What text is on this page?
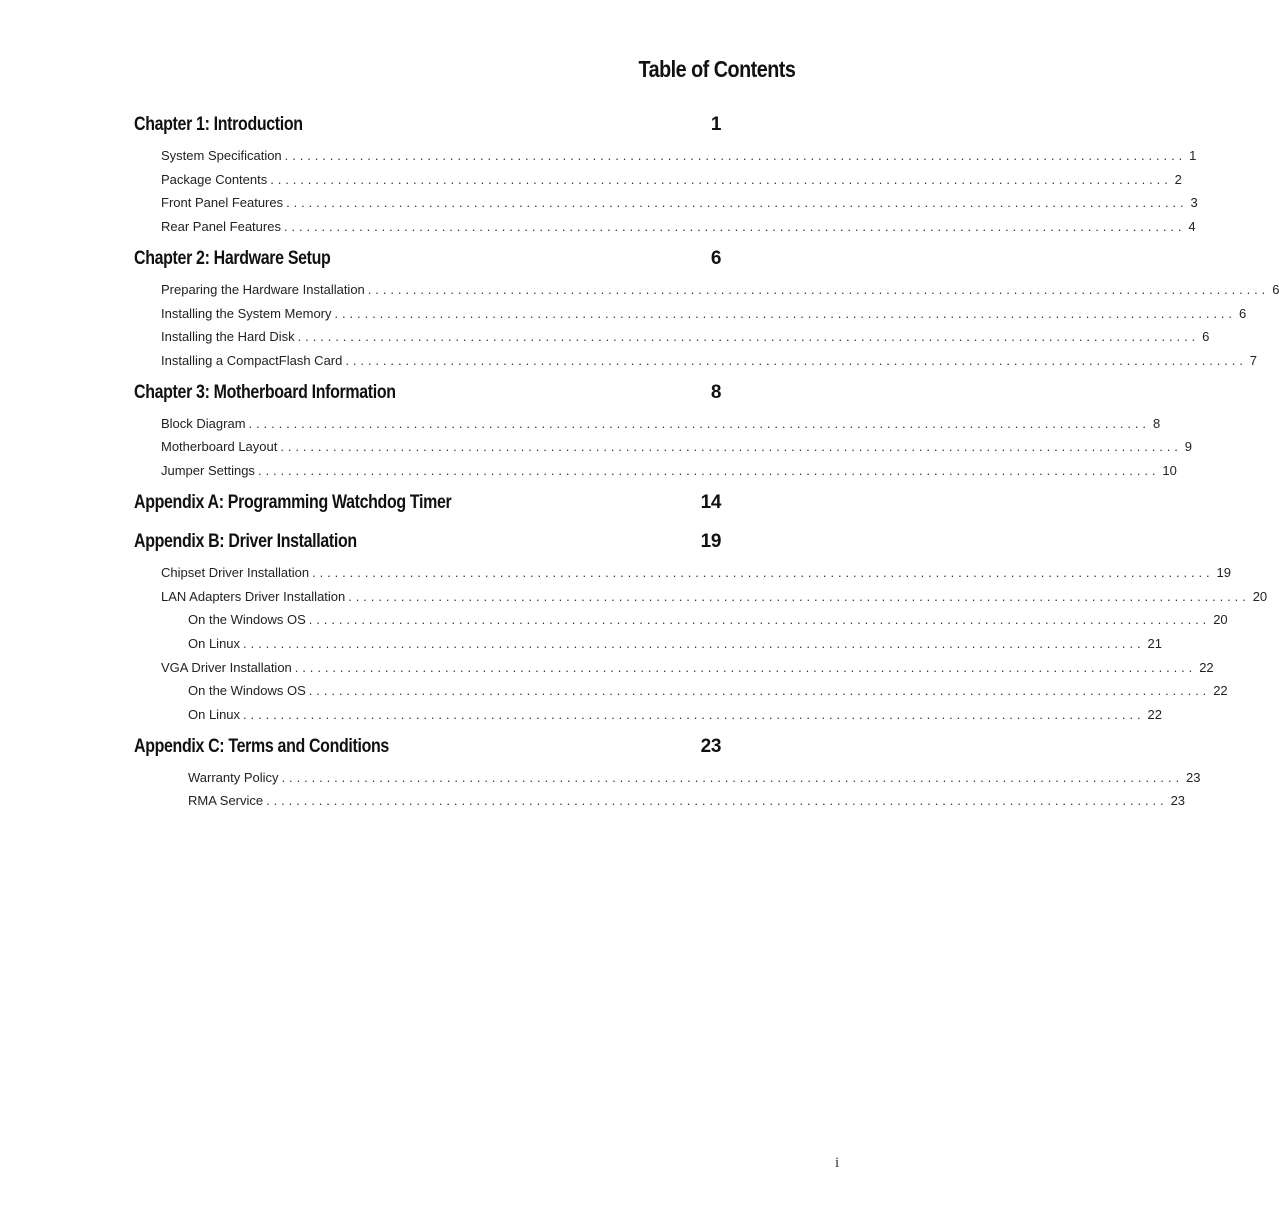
Table of Contents
Chapter 1: Introduction	1
System Specification ........................................................................................................................ 1
Package Contents ........................................................................................................................ 2
Front Panel Features ........................................................................................................................ 3
Rear Panel Features ........................................................................................................................ 4
Chapter 2: Hardware Setup	6
Preparing the Hardware Installation ........................................................................................................................ 6
Installing the System Memory ........................................................................................................................ 6
Installing the Hard Disk ........................................................................................................................ 6
Installing a CompactFlash Card ........................................................................................................................ 7
Chapter 3: Motherboard Information	8
Block Diagram ........................................................................................................................ 8
Motherboard Layout ........................................................................................................................ 9
Jumper Settings ........................................................................................................................ 10
Appendix A: Programming Watchdog Timer	14
Appendix B: Driver Installation	19
Chipset Driver Installation ........................................................................................................................ 19
LAN Adapters Driver Installation ........................................................................................................................ 20
On the Windows OS ........................................................................................................................ 20
On Linux ........................................................................................................................ 21
VGA Driver Installation ........................................................................................................................ 22
On the Windows OS ........................................................................................................................ 22
On Linux ........................................................................................................................ 22
Appendix C: Terms and Conditions	23
Warranty Policy ........................................................................................................................ 23
RMA Service ........................................................................................................................ 23
i
